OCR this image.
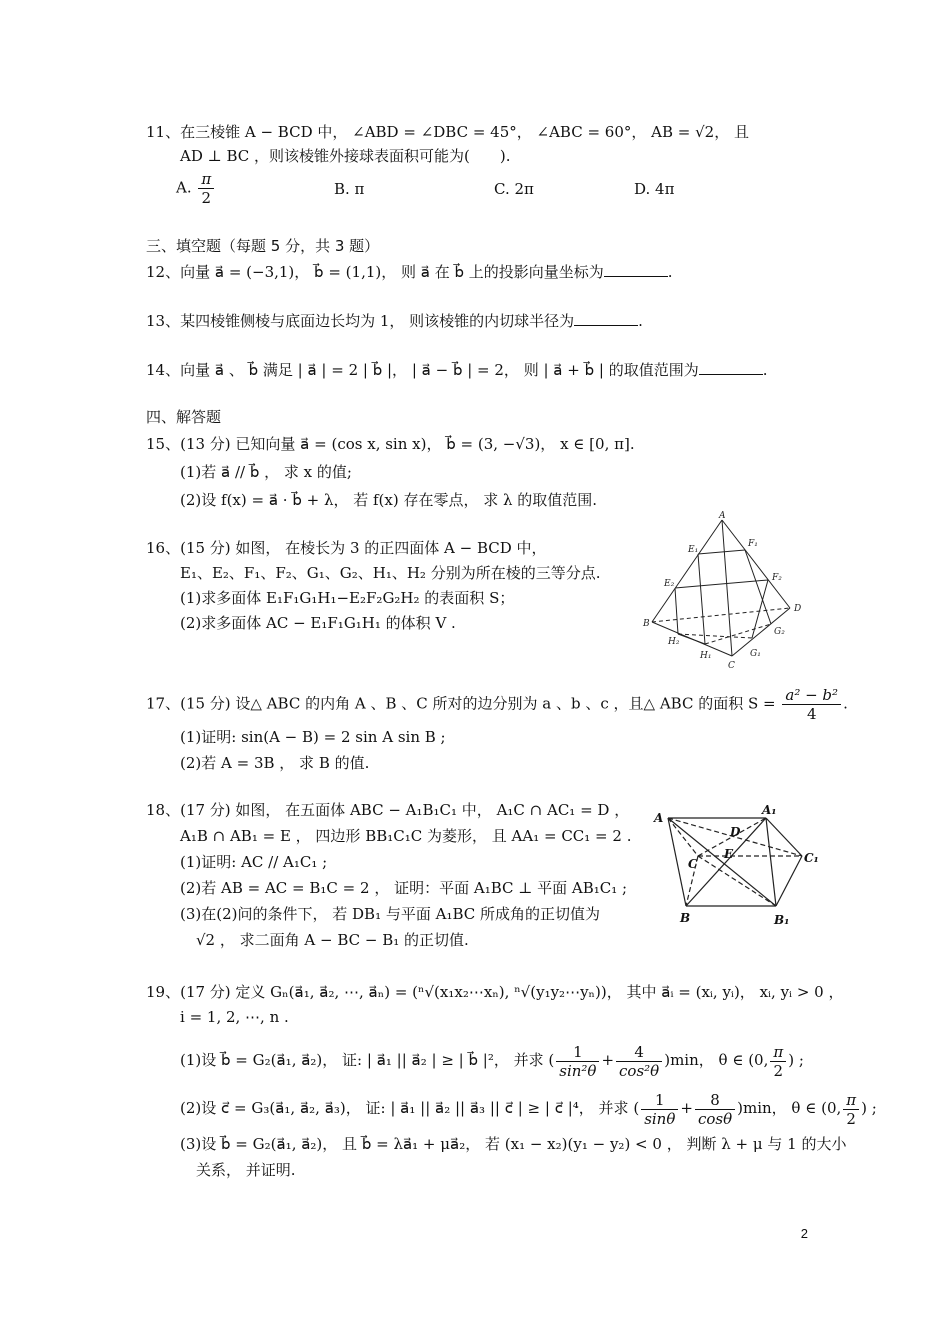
11、在三棱锥 A − BCD 中， ∠ABD = ∠DBC = 45°， ∠ABC = 60°， AB = √2， 且
AD ⊥ BC ，则该棱锥外接球表面积可能为(　　).
A. $\frac{\pi}{2}$	B. π	C. 2π	D. 4π
三、填空题（每题 5 分，共 3 题）
12、向量 a⃗ = (−3,1)， b⃗ = (1,1)， 则 a⃗ 在 b⃗ 上的投影向量坐标为	.
13、某四棱锥侧棱与底面边长均为 1， 则该棱锥的内切球半径为	.
14、向量 a⃗ 、 b⃗ 满足 | a⃗ | = 2 | b⃗ |， | a⃗ − b⃗ | = 2， 则 | a⃗ + b⃗ | 的取值范围为	.
四、解答题
15、(13 分) 已知向量 a⃗ = (cos x, sin x)， b⃗ = (3, −√3)， x ∈ [0, π].
(1)若 a⃗ // b⃗ ， 求 x 的值;
(2)设 f(x) = a⃗ · b⃗ + λ， 若 f(x) 存在零点， 求 λ 的取值范围.
16、(15 分) 如图， 在棱长为 3 的正四面体 A − BCD 中，
E₁、E₂、F₁、F₂、G₁、G₂、H₁、H₂ 分别为所在棱的三等分点.
(1)求多面体 E₁F₁G₁H₁−E₂F₂G₂H₂ 的表面积 S；
(2)求多面体 AC − E₁F₁G₁H₁ 的体积 V .
A
E₁
F₁
E₂
F₂
B
D
H₂
G₂
H₁	G₁
C
17、(15 分) 设△ ABC 的内角 A 、B 、C 所对的边分别为 a 、b 、c ，且△ ABC 的面积 $S = \frac{\text{a² − b²}}{4}$ .
(1)证明: sin(A − B) = 2 sin A sin B ;
(2)若 A = 3B ， 求 B 的值.
18、(17 分) 如图， 在五面体 ABC − A₁B₁C₁ 中， A₁C ∩ AC₁ = D ，
A₁B ∩ AB₁ = E ， 四边形 BB₁C₁C 为菱形， 且 AA₁ = CC₁ = 2 .
(1)证明: AC // A₁C₁ ;
(2)若 AB = AC = B₁C = 2 ， 证明：平面 A₁BC ⊥ 平面 AB₁C₁ ;
(3)在(2)问的条件下， 若 DB₁ 与平面 A₁BC 所成角的正切值为
√2 ， 求二面角 A − BC − B₁ 的正切值.
A
A₁
D
C
E	C₁
B	B₁
19、(17 分) 定义 Gₙ(a⃗₁, a⃗₂, ⋯, a⃗ₙ) = (ⁿ√(x₁x₂⋯xₙ), ⁿ√(y₁y₂⋯yₙ))， 其中 a⃗ᵢ = (xᵢ, yᵢ)， xᵢ, yᵢ > 0 ，
i = 1, 2, ⋯, n .
(1)设 b⃗ = G₂(a⃗₁, a⃗₂)， 证: | a⃗₁ || a⃗₂ | ≥ | b⃗ |²， 并求 ( $\frac{1}{\text{sin²θ}} + \frac{4}{\text{cos²θ}} )\min$， θ ∈ (0, $\frac{\pi}{2}$ ) ;
(2)设 c⃗ = G₃(a⃗₁, a⃗₂, a⃗₃)， 证: | a⃗₁ || a⃗₂ || a⃗₃ || c⃗ | ≥ | c⃗ |⁴， 并求 ( $\frac{1}{\sin\theta} + \frac{8}{\cos\theta} )\min$， θ ∈ (0, $\frac{\pi}{2}$ ) ;
(3)设 b⃗ = G₂(a⃗₁, a⃗₂)， 且 b⃗ = λa⃗₁ + μa⃗₂， 若 (x₁ − x₂)(y₁ − y₂) < 0 ， 判断 λ + μ 与 1 的大小
关系， 并证明.
2
